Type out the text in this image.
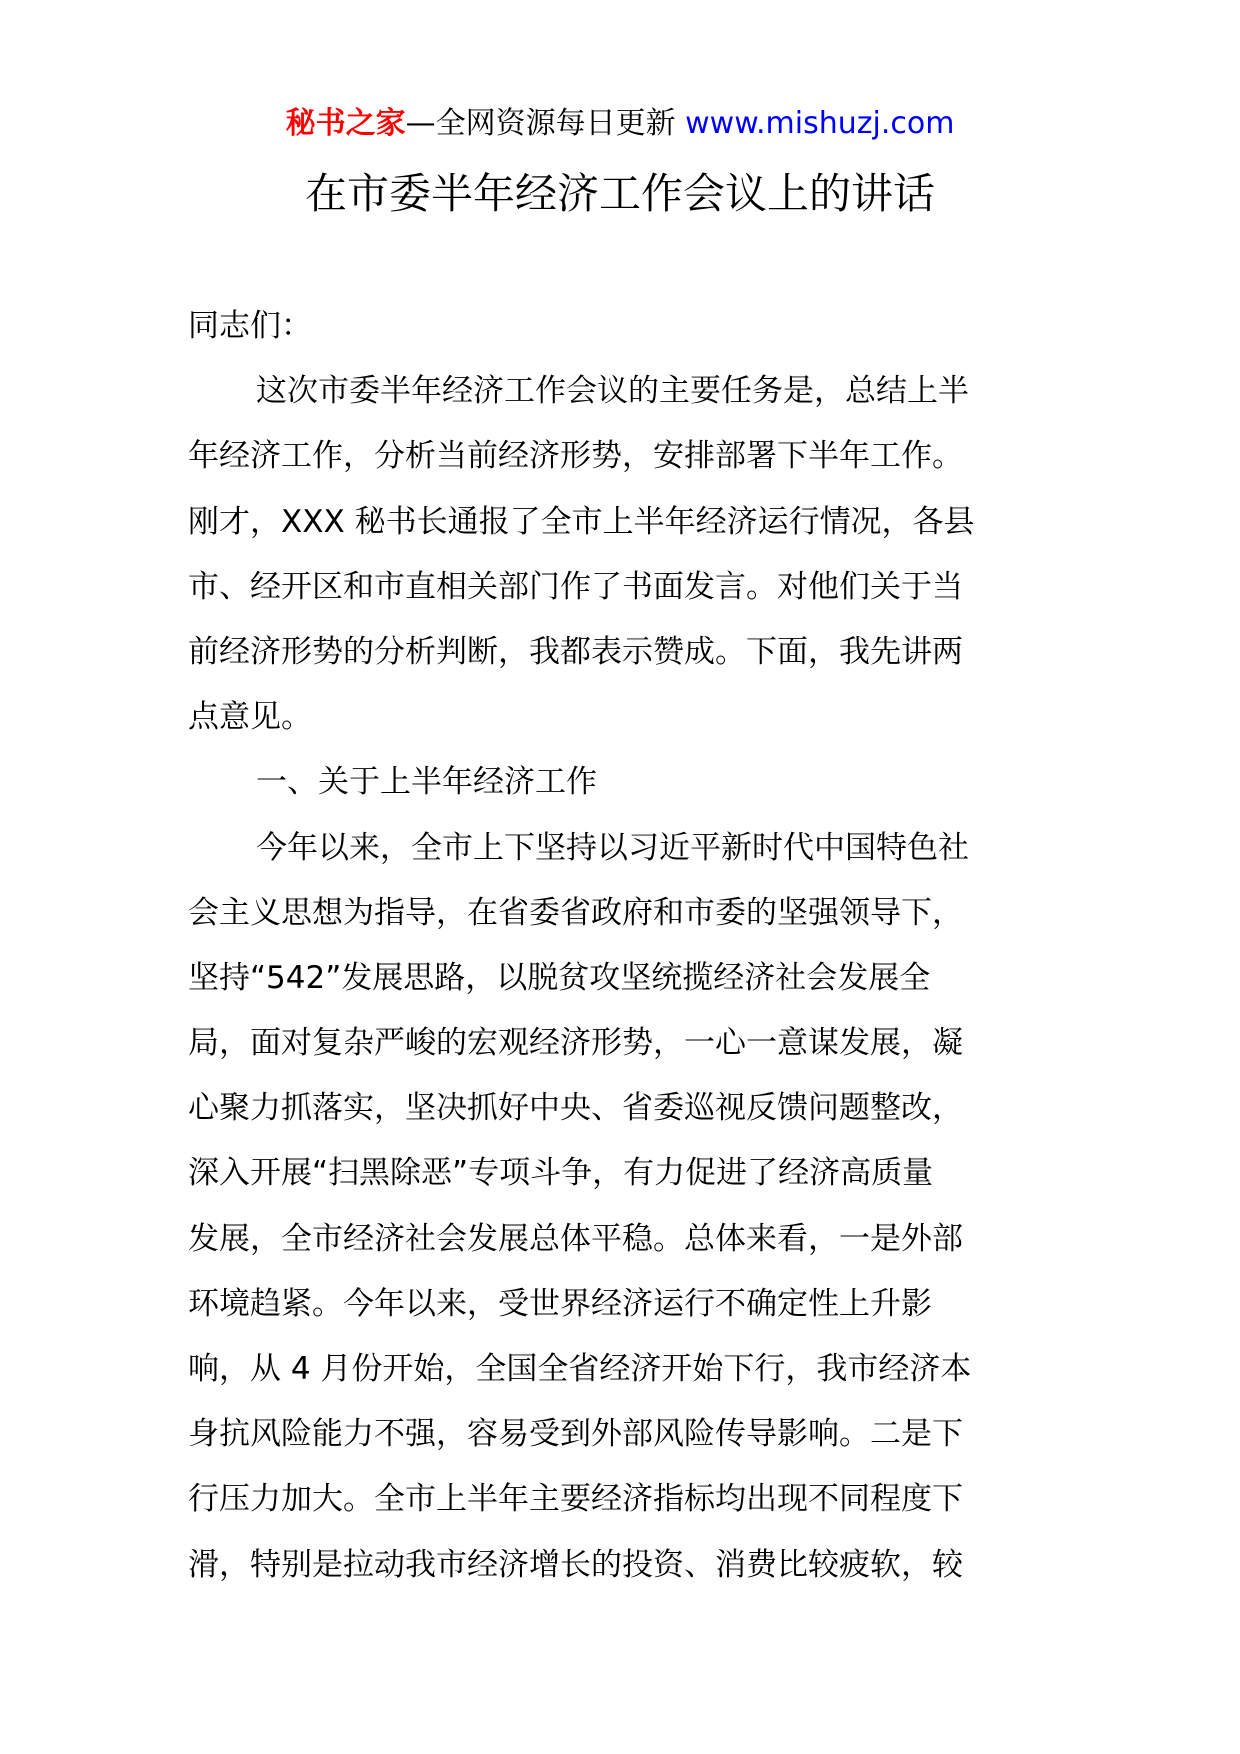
秘书之家—全网资源每日更新 www.mishuzj.com
在市委半年经济工作会议上的讲话
同志们：
这次市委半年经济工作会议的主要任务是，总结上半
年经济工作，分析当前经济形势，安排部署下半年工作。
刚才，XXX 秘书长通报了全市上半年经济运行情况，各县
市、经开区和市直相关部门作了书面发言。对他们关于当
前经济形势的分析判断，我都表示赞成。下面，我先讲两
点意见。
一、关于上半年经济工作
今年以来，全市上下坚持以习近平新时代中国特色社
会主义思想为指导，在省委省政府和市委的坚强领导下，
坚持“542”发展思路，以脱贫攻坚统揽经济社会发展全
局，面对复杂严峻的宏观经济形势，一心一意谋发展，凝
心聚力抓落实，坚决抓好中央、省委巡视反馈问题整改，
深入开展“扫黑除恶”专项斗争，有力促进了经济高质量
发展，全市经济社会发展总体平稳。总体来看，一是外部
环境趋紧。今年以来，受世界经济运行不确定性上升影
响，从 4 月份开始，全国全省经济开始下行，我市经济本
身抗风险能力不强，容易受到外部风险传导影响。二是下
行压力加大。全市上半年主要经济指标均出现不同程度下
滑，特别是拉动我市经济增长的投资、消费比较疲软，较
